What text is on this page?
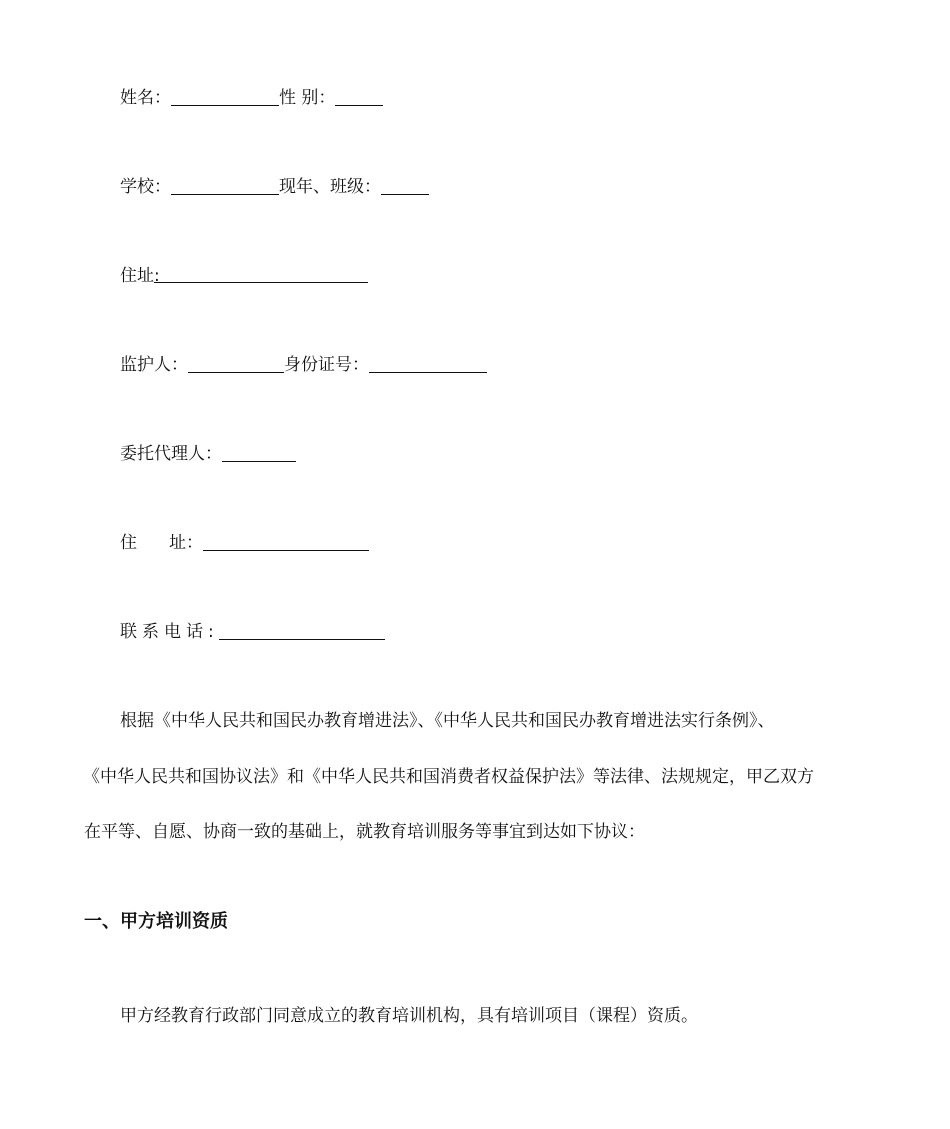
姓名：	性 别：
学校：	现年、班级：
住址:
监护人：	身份证号：
委托代理人：
住 址：
联系电话:
根据《中华人民共和国民办教育增进法》、《中华人民共和国民办教育增进法实行条例》、
《中华人民共和国协议法》和《中华人民共和国消费者权益保护法》等法律、法规规定，甲乙双方
在平等、自愿、协商一致的基础上，就教育培训服务等事宜到达如下协议：
一、甲方培训资质
甲方经教育行政部门同意成立的教育培训机构，具有培训项目（课程）资质。
